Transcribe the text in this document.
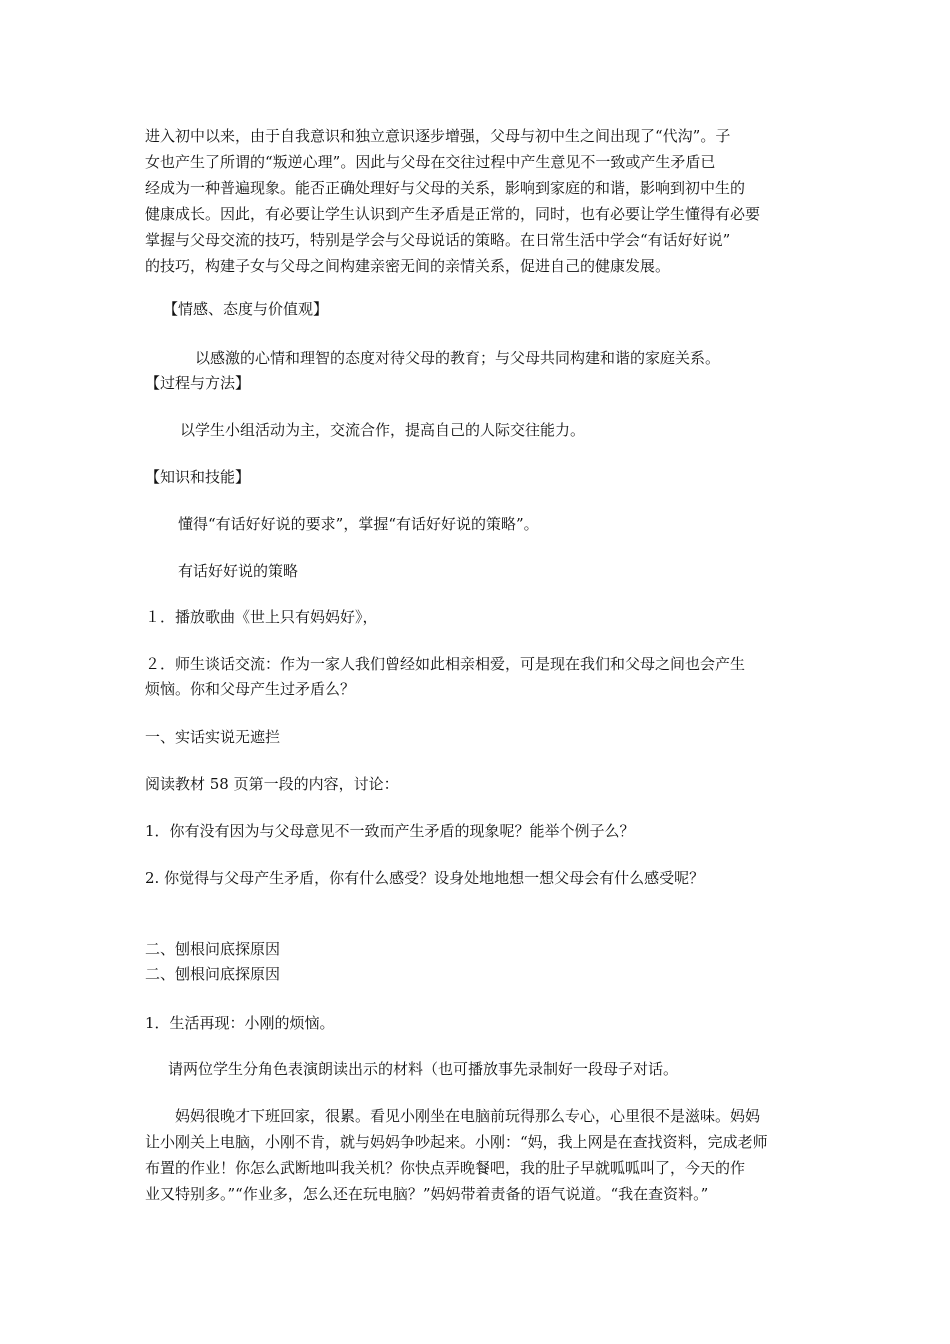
进入初中以来，由于自我意识和独立意识逐步增强，父母与初中生之间出现了“代沟”。子

女也产生了所谓的“叛逆心理”。因此与父母在交往过程中产生意见不一致或产生矛盾已

经成为一种普遍现象。能否正确处理好与父母的关系，影响到家庭的和谐，影响到初中生的

健康成长。因此，有必要让学生认识到产生矛盾是正常的，同时，也有必要让学生懂得有必要

掌握与父母交流的技巧，特别是学会与父母说话的策略。在日常生活中学会“有话好好说”

的技巧，构建子女与父母之间构建亲密无间的亲情关系，促进自己的健康发展。

【情感、态度与价值观】

以感激的心情和理智的态度对待父母的教育；与父母共同构建和谐的家庭关系。

【过程与方法】

以学生小组活动为主，交流合作，提高自己的人际交往能力。

【知识和技能】

懂得“有话好好说的要求”，掌握“有话好好说的策略”。

有话好好说的策略

１．播放歌曲《世上只有妈妈好》，

２．师生谈话交流：作为一家人我们曾经如此相亲相爱，可是现在我们和父母之间也会产生

烦恼。你和父母产生过矛盾么？

一、实话实说无遮拦

阅读教材 58 页第一段的内容，讨论：

1．你有没有因为与父母意见不一致而产生矛盾的现象呢？能举个例子么？

2. 你觉得与父母产生矛盾，你有什么感受？设身处地地想一想父母会有什么感受呢？

二、刨根问底探原因

二、刨根问底探原因

1．生活再现：小刚的烦恼。

请两位学生分角色表演朗读出示的材料（也可播放事先录制好一段母子对话。

妈妈很晚才下班回家，很累。看见小刚坐在电脑前玩得那么专心，心里很不是滋味。妈妈

让小刚关上电脑，小刚不肯，就与妈妈争吵起来。小刚：“妈，我上网是在查找资料，完成老师

布置的作业！你怎么武断地叫我关机？你快点弄晚餐吧，我的肚子早就呱呱叫了，今天的作

业又特别多。”“作业多，怎么还在玩电脑？”妈妈带着责备的语气说道。“我在查资料。”
